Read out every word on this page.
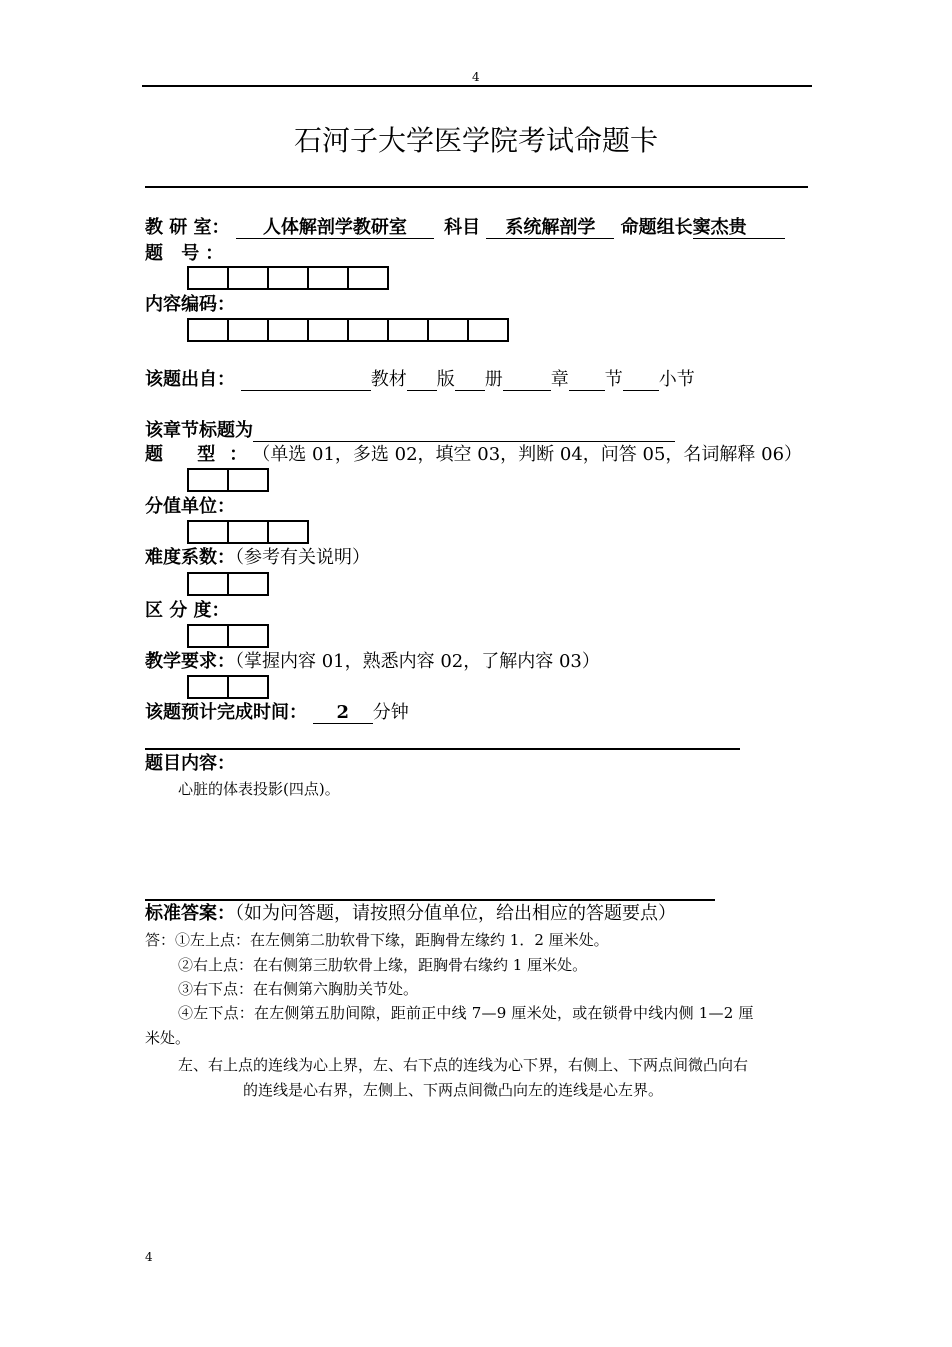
4
石河子大学医学院考试命题卡
教 研 室： 人体解剖学教研室 科目 系统解剖学 命题组长窦杰贵
题 号：
内容编码：
该题出自：	教材 版 册	章 节 小节
该章节标题为
题 型：（单选 01，多选 02，填空 03，判断 04，问答 05，名词解释 06）
分值单位：
难度系数：（参考有关说明）
区 分 度：
教学要求：（掌握内容 01，熟悉内容 02，了解内容 03）
该题预计完成时间： 2 分钟
题目内容：
心脏的体表投影(四点)。
标准答案：（如为问答题，请按照分值单位，给出相应的答题要点）
答：①左上点：在左侧第二肋软骨下缘，距胸骨左缘约 1．2 厘米处。
②右上点：在右侧第三肋软骨上缘，距胸骨右缘约 1 厘米处。
③右下点：在右侧第六胸肋关节处。
④左下点：在左侧第五肋间隙，距前正中线 7—9 厘米处，或在锁骨中线内侧 1—2 厘
米处。
左、右上点的连线为心上界，左、右下点的连线为心下界，右侧上、下两点间微凸向右
的连线是心右界，左侧上、下两点间微凸向左的连线是心左界。
4
